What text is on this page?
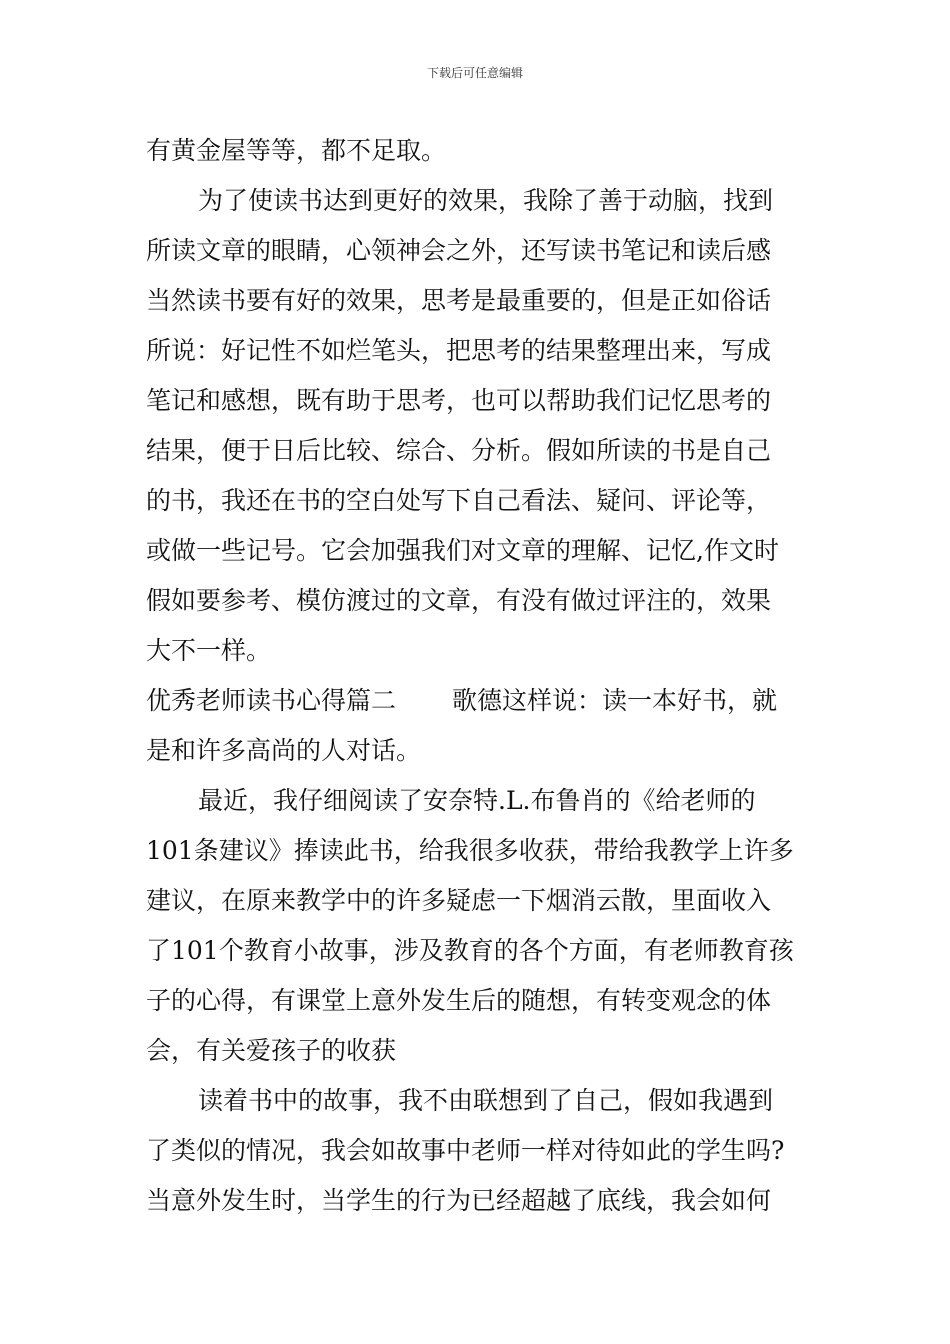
下载后可任意编辑
有黄金屋等等，都不足取。
为了使读书达到更好的效果，我除了善于动脑，找到
所读文章的眼睛，心领神会之外，还写读书笔记和读后感
当然读书要有好的效果，思考是最重要的，但是正如俗话
所说：好记性不如烂笔头，把思考的结果整理出来，写成
笔记和感想，既有助于思考，也可以帮助我们记忆思考的
结果，便于日后比较、综合、分析。假如所读的书是自己
的书，我还在书的空白处写下自己看法、疑问、评论等，
或做一些记号。它会加强我们对文章的理解、记忆,作文时
假如要参考、模仿渡过的文章，有没有做过评注的，效果
大不一样。
优秀老师读书心得篇二 歌德这样说：读一本好书，就
是和许多高尚的人对话。
最近，我仔细阅读了安奈特.L.布鲁肖的《给老师的
101条建议》捧读此书，给我很多收获，带给我教学上许多
建议，在原来教学中的许多疑虑一下烟消云散，里面收入
了101个教育小故事，涉及教育的各个方面，有老师教育孩
子的心得，有课堂上意外发生后的随想，有转变观念的体
会，有关爱孩子的收获
读着书中的故事，我不由联想到了自己，假如我遇到
了类似的情况，我会如故事中老师一样对待如此的学生吗?
当意外发生时，当学生的行为已经超越了底线，我会如何
